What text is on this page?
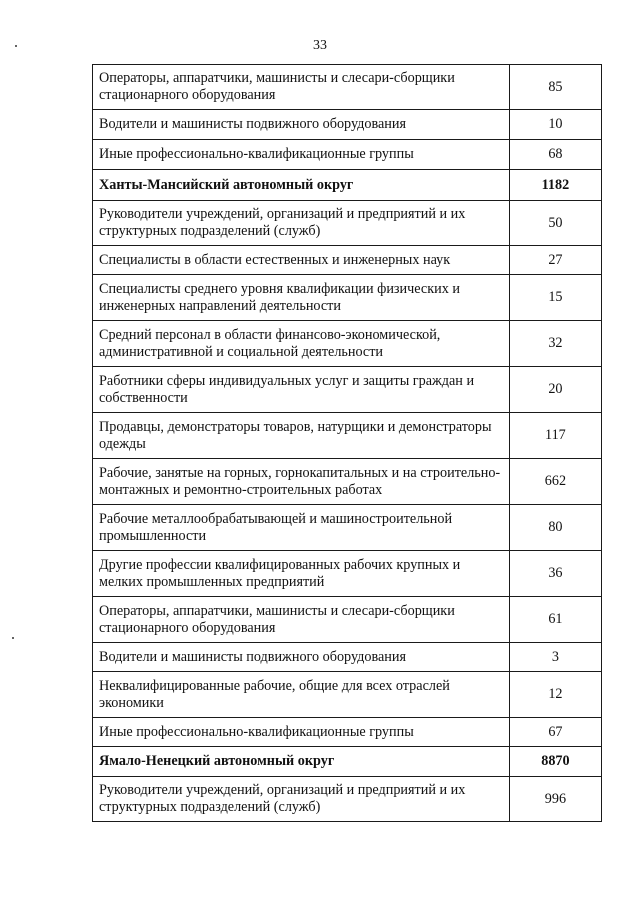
33
Операторы, аппаратчики, машинисты и слесари-сборщики стационарного оборудования	85
Водители и машинисты подвижного оборудования	10
Иные профессионально-квалификационные группы	68
Ханты-Мансийский автономный округ	1182
Руководители учреждений, организаций и предприятий и их структурных подразделений (служб)	50
Специалисты в области естественных и инженерных наук	27
Специалисты среднего уровня квалификации физических и инженерных направлений деятельности	15
Средний персонал в области финансово-экономической, административной и социальной деятельности	32
Работники сферы индивидуальных услуг и защиты граждан и собственности	20
Продавцы, демонстраторы товаров, натурщики и демонстраторы одежды	117
Рабочие, занятые на горных, горнокапитальных и на строительно-монтажных и ремонтно-строительных работах	662
Рабочие металлообрабатывающей и машиностроительной промышленности	80
Другие профессии квалифицированных рабочих крупных и мелких промышленных предприятий	36
Операторы, аппаратчики, машинисты и слесари-сборщики стационарного оборудования	61
Водители и машинисты подвижного оборудования	3
Неквалифицированные рабочие, общие для всех отраслей экономики	12
Иные профессионально-квалификационные группы	67
Ямало-Ненецкий автономный округ	8870
Руководители учреждений, организаций и предприятий и их структурных подразделений (служб)	996
